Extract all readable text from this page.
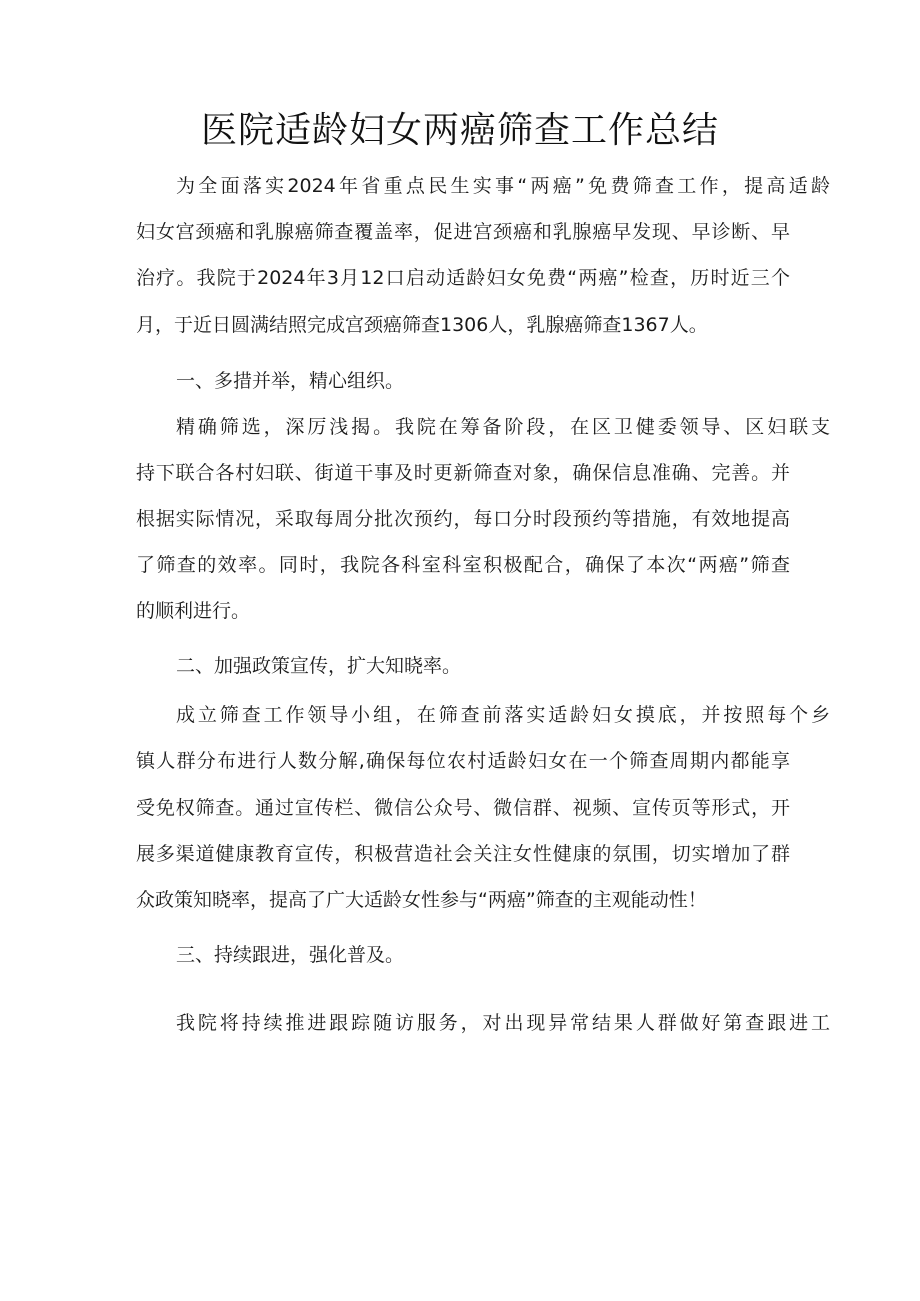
医院适龄妇女两癌筛查工作总结
为全面落实2024年省重点民生实事“两癌”免费筛查工作，提高适龄
妇女宫颈癌和乳腺癌筛查覆盖率，促进宫颈癌和乳腺癌早发现、早诊断、早
治疗。我院于2024年3月12口启动适龄妇女免费“两癌”检查，历时近三个
月，于近日圆满结照完成宫颈癌筛查1306人，乳腺癌筛查1367人。
一、多措并举，精心组织。
精确筛选，深厉浅揭。我院在筹备阶段，在区卫健委领导、区妇联支
持下联合各村妇联、街道干事及时更新筛查对象，确保信息准确、完善。并
根据实际情况，采取每周分批次预约，每口分时段预约等措施，有效地提高
了筛查的效率。同时，我院各科室科室积极配合，确保了本次“两癌”筛查
的顺利进行。
二、加强政策宣传，扩大知晓率。
成立筛查工作领导小组，在筛查前落实适龄妇女摸底，并按照每个乡
镇人群分布进行人数分解,确保每位农村适龄妇女在一个筛查周期内都能享
受免权筛查。通过宣传栏、微信公众号、微信群、视频、宣传页等形式，开
展多渠道健康教育宣传，积极营造社会关注女性健康的氛围，切实增加了群
众政策知晓率，提高了广大适龄女性参与“两癌”筛查的主观能动性！
三、持续跟进，强化普及。
我院将持续推进跟踪随访服务，对出现异常结果人群做好第查跟进工
